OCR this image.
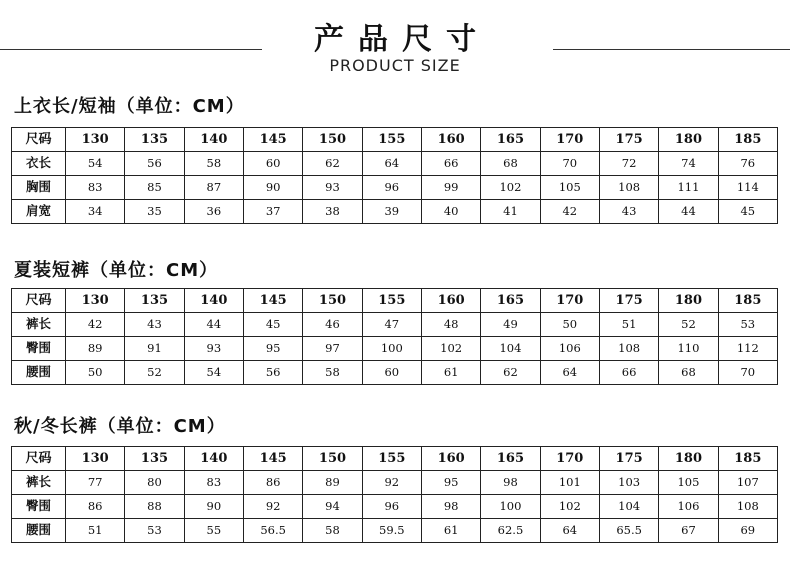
产品尺寸
PRODUCT SIZE
上衣长/短袖（单位：CM）
尺码	130	135	140	145	150	155	160	165	170	175	180	185
衣长	54	56	58	60	62	64	66	68	70	72	74	76
胸围	83	85	87	90	93	96	99	102	105	108	111	114
肩宽	34	35	36	37	38	39	40	41	42	43	44	45
夏装短裤（单位：CM）
尺码	130	135	140	145	150	155	160	165	170	175	180	185
裤长	42	43	44	45	46	47	48	49	50	51	52	53
臀围	89	91	93	95	97	100	102	104	106	108	110	112
腰围	50	52	54	56	58	60	61	62	64	66	68	70
秋/冬长裤（单位：CM）
尺码	130	135	140	145	150	155	160	165	170	175	180	185
裤长	77	80	83	86	89	92	95	98	101	103	105	107
臀围	86	88	90	92	94	96	98	100	102	104	106	108
腰围	51	53	55	56.5	58	59.5	61	62.5	64	65.5	67	69
